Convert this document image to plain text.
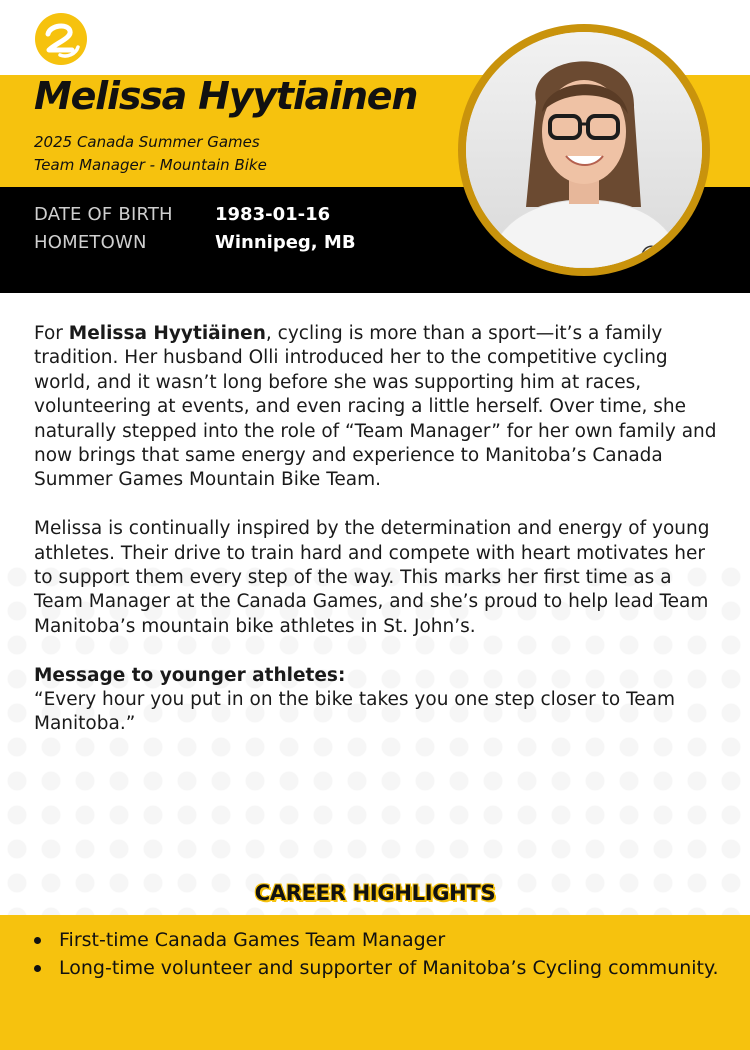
Melissa Hyytiainen
2025 Canada Summer Games
Team Manager - Mountain Bike
DATE OF BIRTH	1983-01-16
HOMETOWN	Winnipeg, MB

For Melissa Hyytiäinen, cycling is more than a sport—it’s a family tradition. Her husband Olli introduced her to the competitive cycling world, and it wasn’t long before she was supporting him at races, volunteering at events, and even racing a little herself. Over time, she naturally stepped into the role of “Team Manager” for her own family and now brings that same energy and experience to Manitoba’s Canada Summer Games Mountain Bike Team.

Melissa is continually inspired by the determination and energy of young athletes. Their drive to train hard and compete with heart motivates her to support them every step of the way. This marks her first time as a Team Manager at the Canada Games, and she’s proud to help lead Team Manitoba’s mountain bike athletes in St. John’s.

Message to younger athletes:
“Every hour you put in on the bike takes you one step closer to Team Manitoba.”
CAREER HIGHLIGHTS
First-time Canada Games Team Manager
Long-time volunteer and supporter of Manitoba’s Cycling community.
